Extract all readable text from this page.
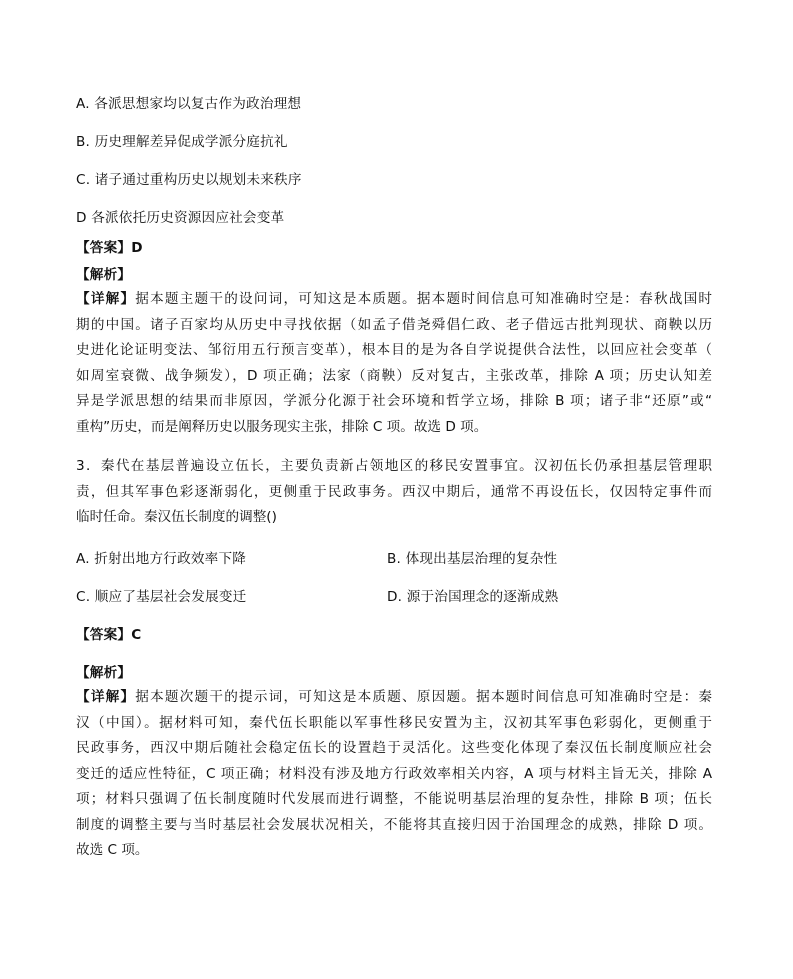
A. 各派思想家均以复古作为政治理想
B. 历史理解差异促成学派分庭抗礼
C. 诸子通过重构历史以规划未来秩序
D 各派依托历史资源因应社会变革
【答案】D
【解析】
【详解】据本题主题干的设问词，可知这是本质题。据本题时间信息可知准确时空是：春秋战国时
期的中国。诸子百家均从历史中寻找依据（如孟子借尧舜倡仁政、老子借远古批判现状、商鞅以历
史进化论证明变法、邹衍用五行预言变革），根本目的是为各自学说提供合法性，以回应社会变革（
如周室衰微、战争频发），D 项正确；法家（商鞅）反对复古，主张改革，排除 A 项；历史认知差
异是学派思想的结果而非原因，学派分化源于社会环境和哲学立场，排除 B 项；诸子非“还原”或“
重构”历史，而是阐释历史以服务现实主张，排除 C 项。故选 D 项。
3．秦代在基层普遍设立伍长，主要负责新占领地区的移民安置事宜。汉初伍长仍承担基层管理职
责，但其军事色彩逐渐弱化，更侧重于民政事务。西汉中期后，通常不再设伍长，仅因特定事件而
临时任命。秦汉伍长制度的调整()
A. 折射出地方行政效率下降	B. 体现出基层治理的复杂性
C. 顺应了基层社会发展变迁	D. 源于治国理念的逐渐成熟
【答案】C
【解析】
【详解】据本题次题干的提示词，可知这是本质题、原因题。据本题时间信息可知准确时空是：秦
汉（中国）。据材料可知，秦代伍长职能以军事性移民安置为主，汉初其军事色彩弱化，更侧重于
民政事务，西汉中期后随社会稳定伍长的设置趋于灵活化。这些变化体现了秦汉伍长制度顺应社会
变迁的适应性特征，C 项正确；材料没有涉及地方行政效率相关内容，A 项与材料主旨无关，排除 A
项；材料只强调了伍长制度随时代发展而进行调整，不能说明基层治理的复杂性，排除 B 项；伍长
制度的调整主要与当时基层社会发展状况相关，不能将其直接归因于治国理念的成熟，排除 D 项。
故选 C 项。
